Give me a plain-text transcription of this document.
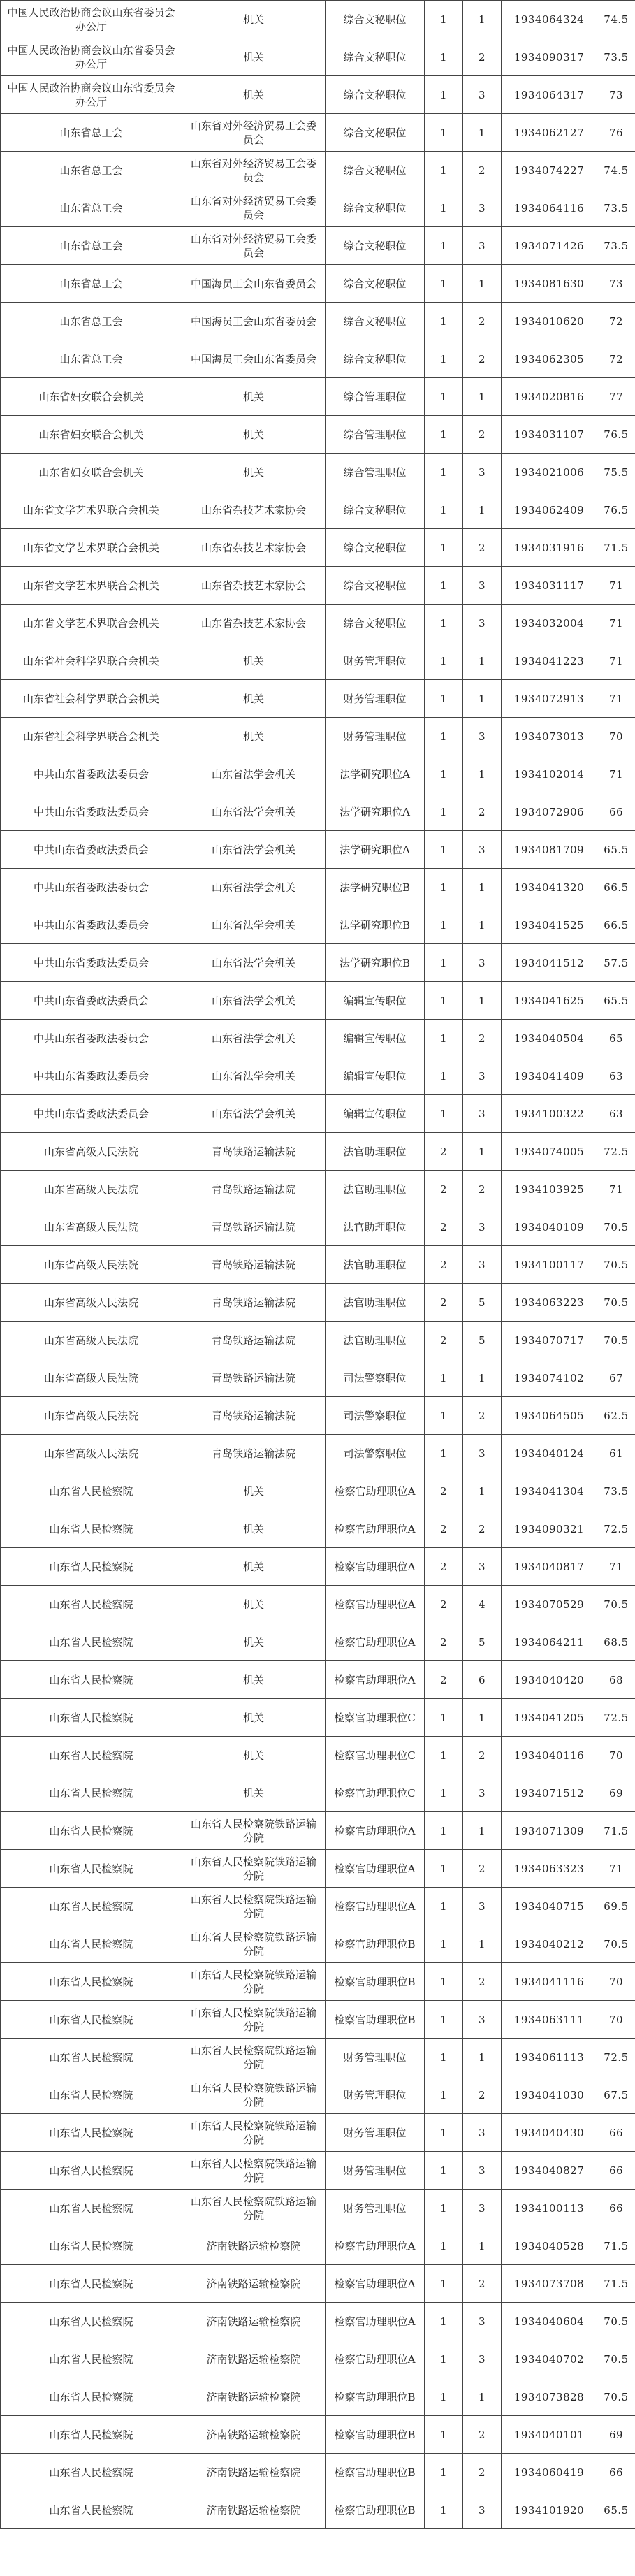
中国人民政治协商会议山东省委员会办公厅	机关	综合文秘职位	1	1	1934064324	74.5
中国人民政治协商会议山东省委员会办公厅	机关	综合文秘职位	1	2	1934090317	73.5
中国人民政治协商会议山东省委员会办公厅	机关	综合文秘职位	1	3	1934064317	73
山东省总工会	山东省对外经济贸易工会委员会	综合文秘职位	1	1	1934062127	76
山东省总工会	山东省对外经济贸易工会委员会	综合文秘职位	1	2	1934074227	74.5
山东省总工会	山东省对外经济贸易工会委员会	综合文秘职位	1	3	1934064116	73.5
山东省总工会	山东省对外经济贸易工会委员会	综合文秘职位	1	3	1934071426	73.5
山东省总工会	中国海员工会山东省委员会	综合文秘职位	1	1	1934081630	73
山东省总工会	中国海员工会山东省委员会	综合文秘职位	1	2	1934010620	72
山东省总工会	中国海员工会山东省委员会	综合文秘职位	1	2	1934062305	72
山东省妇女联合会机关	机关	综合管理职位	1	1	1934020816	77
山东省妇女联合会机关	机关	综合管理职位	1	2	1934031107	76.5
山东省妇女联合会机关	机关	综合管理职位	1	3	1934021006	75.5
山东省文学艺术界联合会机关	山东省杂技艺术家协会	综合文秘职位	1	1	1934062409	76.5
山东省文学艺术界联合会机关	山东省杂技艺术家协会	综合文秘职位	1	2	1934031916	71.5
山东省文学艺术界联合会机关	山东省杂技艺术家协会	综合文秘职位	1	3	1934031117	71
山东省文学艺术界联合会机关	山东省杂技艺术家协会	综合文秘职位	1	3	1934032004	71
山东省社会科学界联合会机关	机关	财务管理职位	1	1	1934041223	71
山东省社会科学界联合会机关	机关	财务管理职位	1	1	1934072913	71
山东省社会科学界联合会机关	机关	财务管理职位	1	3	1934073013	70
中共山东省委政法委员会	山东省法学会机关	法学研究职位A	1	1	1934102014	71
中共山东省委政法委员会	山东省法学会机关	法学研究职位A	1	2	1934072906	66
中共山东省委政法委员会	山东省法学会机关	法学研究职位A	1	3	1934081709	65.5
中共山东省委政法委员会	山东省法学会机关	法学研究职位B	1	1	1934041320	66.5
中共山东省委政法委员会	山东省法学会机关	法学研究职位B	1	1	1934041525	66.5
中共山东省委政法委员会	山东省法学会机关	法学研究职位B	1	3	1934041512	57.5
中共山东省委政法委员会	山东省法学会机关	编辑宣传职位	1	1	1934041625	65.5
中共山东省委政法委员会	山东省法学会机关	编辑宣传职位	1	2	1934040504	65
中共山东省委政法委员会	山东省法学会机关	编辑宣传职位	1	3	1934041409	63
中共山东省委政法委员会	山东省法学会机关	编辑宣传职位	1	3	1934100322	63
山东省高级人民法院	青岛铁路运输法院	法官助理职位	2	1	1934074005	72.5
山东省高级人民法院	青岛铁路运输法院	法官助理职位	2	2	1934103925	71
山东省高级人民法院	青岛铁路运输法院	法官助理职位	2	3	1934040109	70.5
山东省高级人民法院	青岛铁路运输法院	法官助理职位	2	3	1934100117	70.5
山东省高级人民法院	青岛铁路运输法院	法官助理职位	2	5	1934063223	70.5
山东省高级人民法院	青岛铁路运输法院	法官助理职位	2	5	1934070717	70.5
山东省高级人民法院	青岛铁路运输法院	司法警察职位	1	1	1934074102	67
山东省高级人民法院	青岛铁路运输法院	司法警察职位	1	2	1934064505	62.5
山东省高级人民法院	青岛铁路运输法院	司法警察职位	1	3	1934040124	61
山东省人民检察院	机关	检察官助理职位A	2	1	1934041304	73.5
山东省人民检察院	机关	检察官助理职位A	2	2	1934090321	72.5
山东省人民检察院	机关	检察官助理职位A	2	3	1934040817	71
山东省人民检察院	机关	检察官助理职位A	2	4	1934070529	70.5
山东省人民检察院	机关	检察官助理职位A	2	5	1934064211	68.5
山东省人民检察院	机关	检察官助理职位A	2	6	1934040420	68
山东省人民检察院	机关	检察官助理职位C	1	1	1934041205	72.5
山东省人民检察院	机关	检察官助理职位C	1	2	1934040116	70
山东省人民检察院	机关	检察官助理职位C	1	3	1934071512	69
山东省人民检察院	山东省人民检察院铁路运输分院	检察官助理职位A	1	1	1934071309	71.5
山东省人民检察院	山东省人民检察院铁路运输分院	检察官助理职位A	1	2	1934063323	71
山东省人民检察院	山东省人民检察院铁路运输分院	检察官助理职位A	1	3	1934040715	69.5
山东省人民检察院	山东省人民检察院铁路运输分院	检察官助理职位B	1	1	1934040212	70.5
山东省人民检察院	山东省人民检察院铁路运输分院	检察官助理职位B	1	2	1934041116	70
山东省人民检察院	山东省人民检察院铁路运输分院	检察官助理职位B	1	3	1934063111	70
山东省人民检察院	山东省人民检察院铁路运输分院	财务管理职位	1	1	1934061113	72.5
山东省人民检察院	山东省人民检察院铁路运输分院	财务管理职位	1	2	1934041030	67.5
山东省人民检察院	山东省人民检察院铁路运输分院	财务管理职位	1	3	1934040430	66
山东省人民检察院	山东省人民检察院铁路运输分院	财务管理职位	1	3	1934040827	66
山东省人民检察院	山东省人民检察院铁路运输分院	财务管理职位	1	3	1934100113	66
山东省人民检察院	济南铁路运输检察院	检察官助理职位A	1	1	1934040528	71.5
山东省人民检察院	济南铁路运输检察院	检察官助理职位A	1	2	1934073708	71.5
山东省人民检察院	济南铁路运输检察院	检察官助理职位A	1	3	1934040604	70.5
山东省人民检察院	济南铁路运输检察院	检察官助理职位A	1	3	1934040702	70.5
山东省人民检察院	济南铁路运输检察院	检察官助理职位B	1	1	1934073828	70.5
山东省人民检察院	济南铁路运输检察院	检察官助理职位B	1	2	1934040101	69
山东省人民检察院	济南铁路运输检察院	检察官助理职位B	1	2	1934060419	66
山东省人民检察院	济南铁路运输检察院	检察官助理职位B	1	3	1934101920	65.5
